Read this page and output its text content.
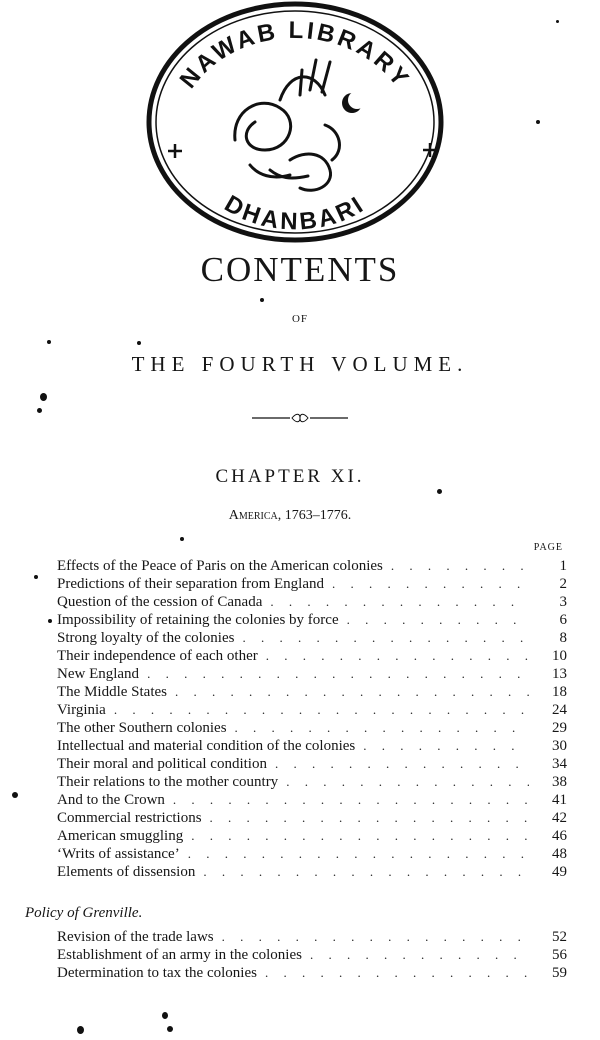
NAWAB LIBRARY
DHANBARI
CONTENTS
OF
THE FOURTH VOLUME.
CHAPTER XI.
America, 1763–1776.
PAGE
Effects of the Peace of Paris on the American colonies . . .	1
Predictions of their separation from England . . .	2
Question of the cession of Canada . . .	3
Impossibility of retaining the colonies by force . . .	6
Strong loyalty of the colonies . . .	8
Their independence of each other . . .	10
New England . . .	13
The Middle States . . .	18
Virginia . . .	24
The other Southern colonies . . .	29
Intellectual and material condition of the colonies . . .	30
Their moral and political condition . . .	34
Their relations to the mother country . . .	38
And to the Crown . . .	41
Commercial restrictions . . .	42
American smuggling . . .	46
‘Writs of assistance’ . . .	48
Elements of dissension . . .	49
Policy of Grenville.
Revision of the trade laws . . .	52
Establishment of an army in the colonies . . .	56
Determination to tax the colonies . . .	59
